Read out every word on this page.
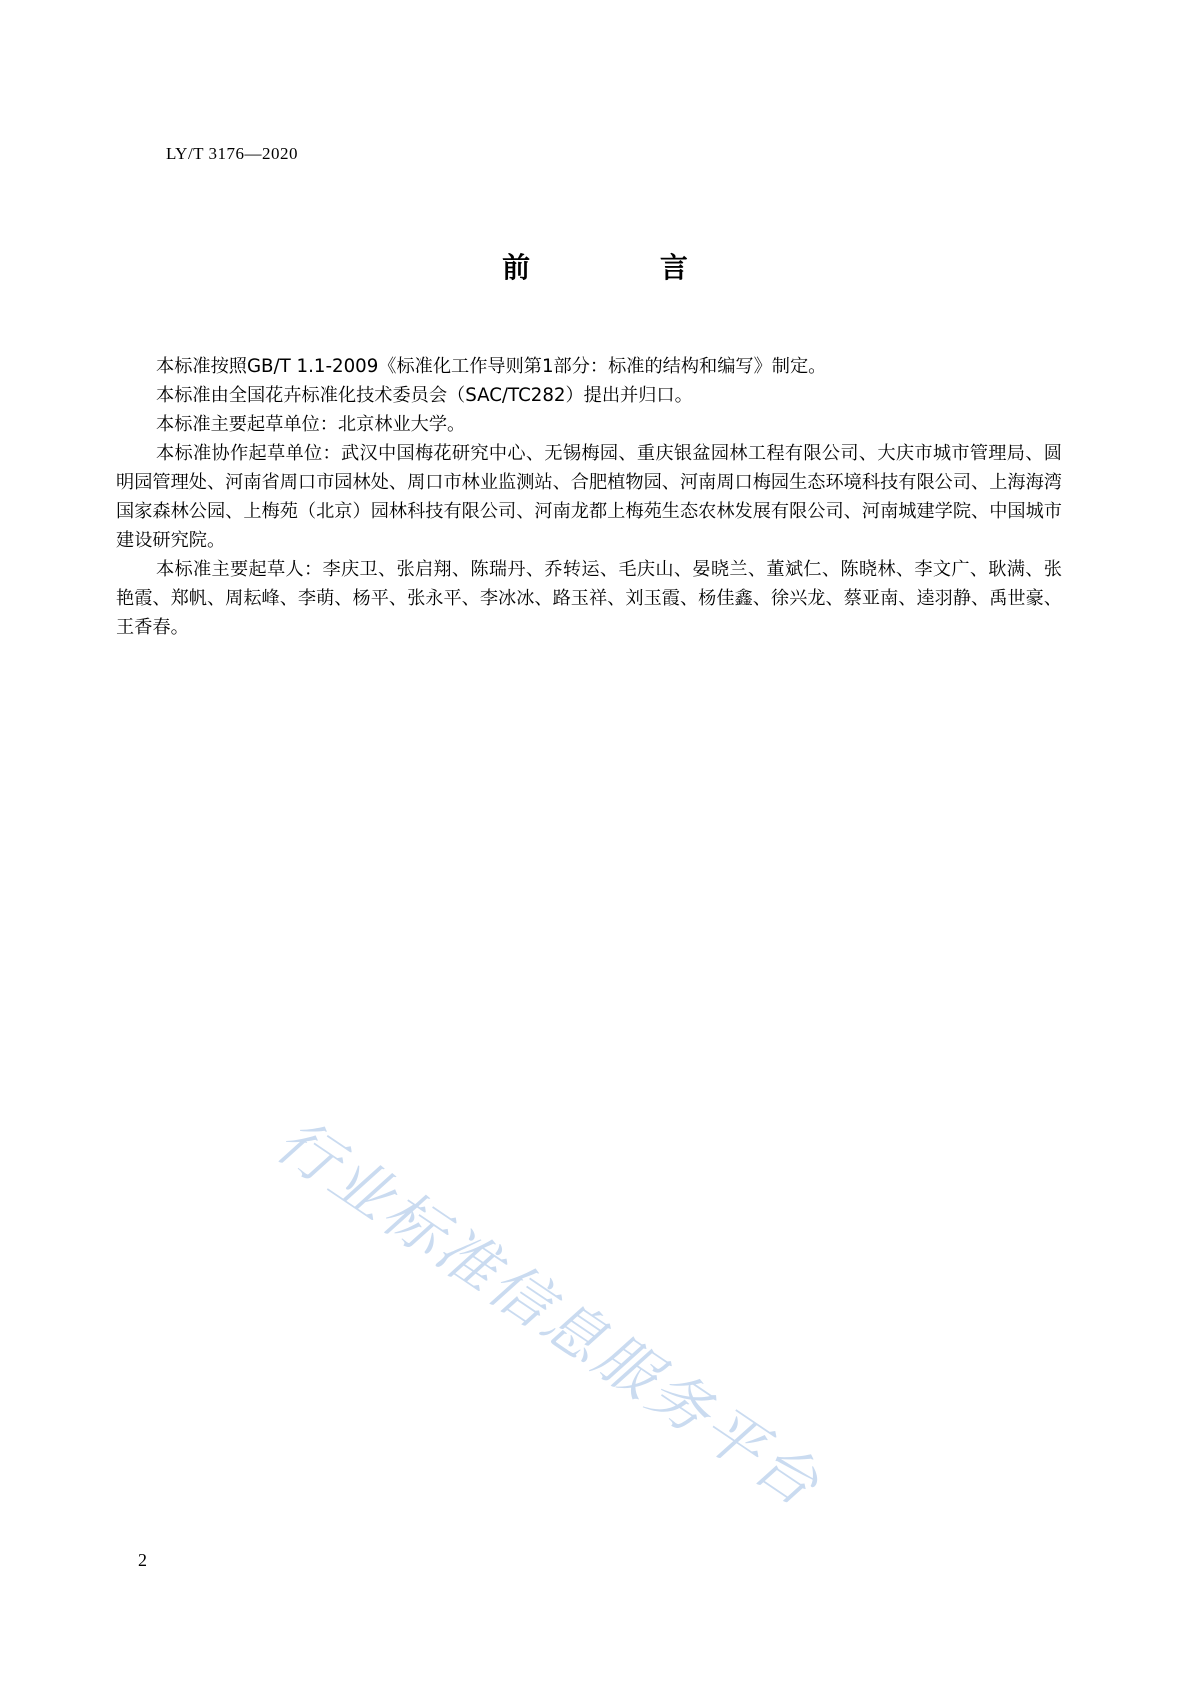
LY/T 3176—2020
前 言

本标准按照GB/T 1.1-2009《标准化工作导则第1部分：标准的结构和编写》制定。

本标准由全国花卉标准化技术委员会（SAC/TC282）提出并归口。

本标准主要起草单位：北京林业大学。

本标准协作起草单位：武汉中国梅花研究中心、无锡梅园、重庆银盆园林工程有限公司、大庆市城市管理局、圆明园管理处、河南省周口市园林处、周口市林业监测站、合肥植物园、河南周口梅园生态环境科技有限公司、上海海湾国家森林公园、上梅苑（北京）园林科技有限公司、河南龙都上梅苑生态农林发展有限公司、河南城建学院、中国城市建设研究院。

本标准主要起草人：李庆卫、张启翔、陈瑞丹、乔转运、毛庆山、晏晓兰、董斌仁、陈晓林、李文广、耿满、张艳霞、郑帆、周耘峰、李萌、杨平、张永平、李冰冰、路玉祥、刘玉霞、杨佳鑫、徐兴龙、蔡亚南、逵羽静、禹世豪、王香春。

行业标准信息服务平台
2
